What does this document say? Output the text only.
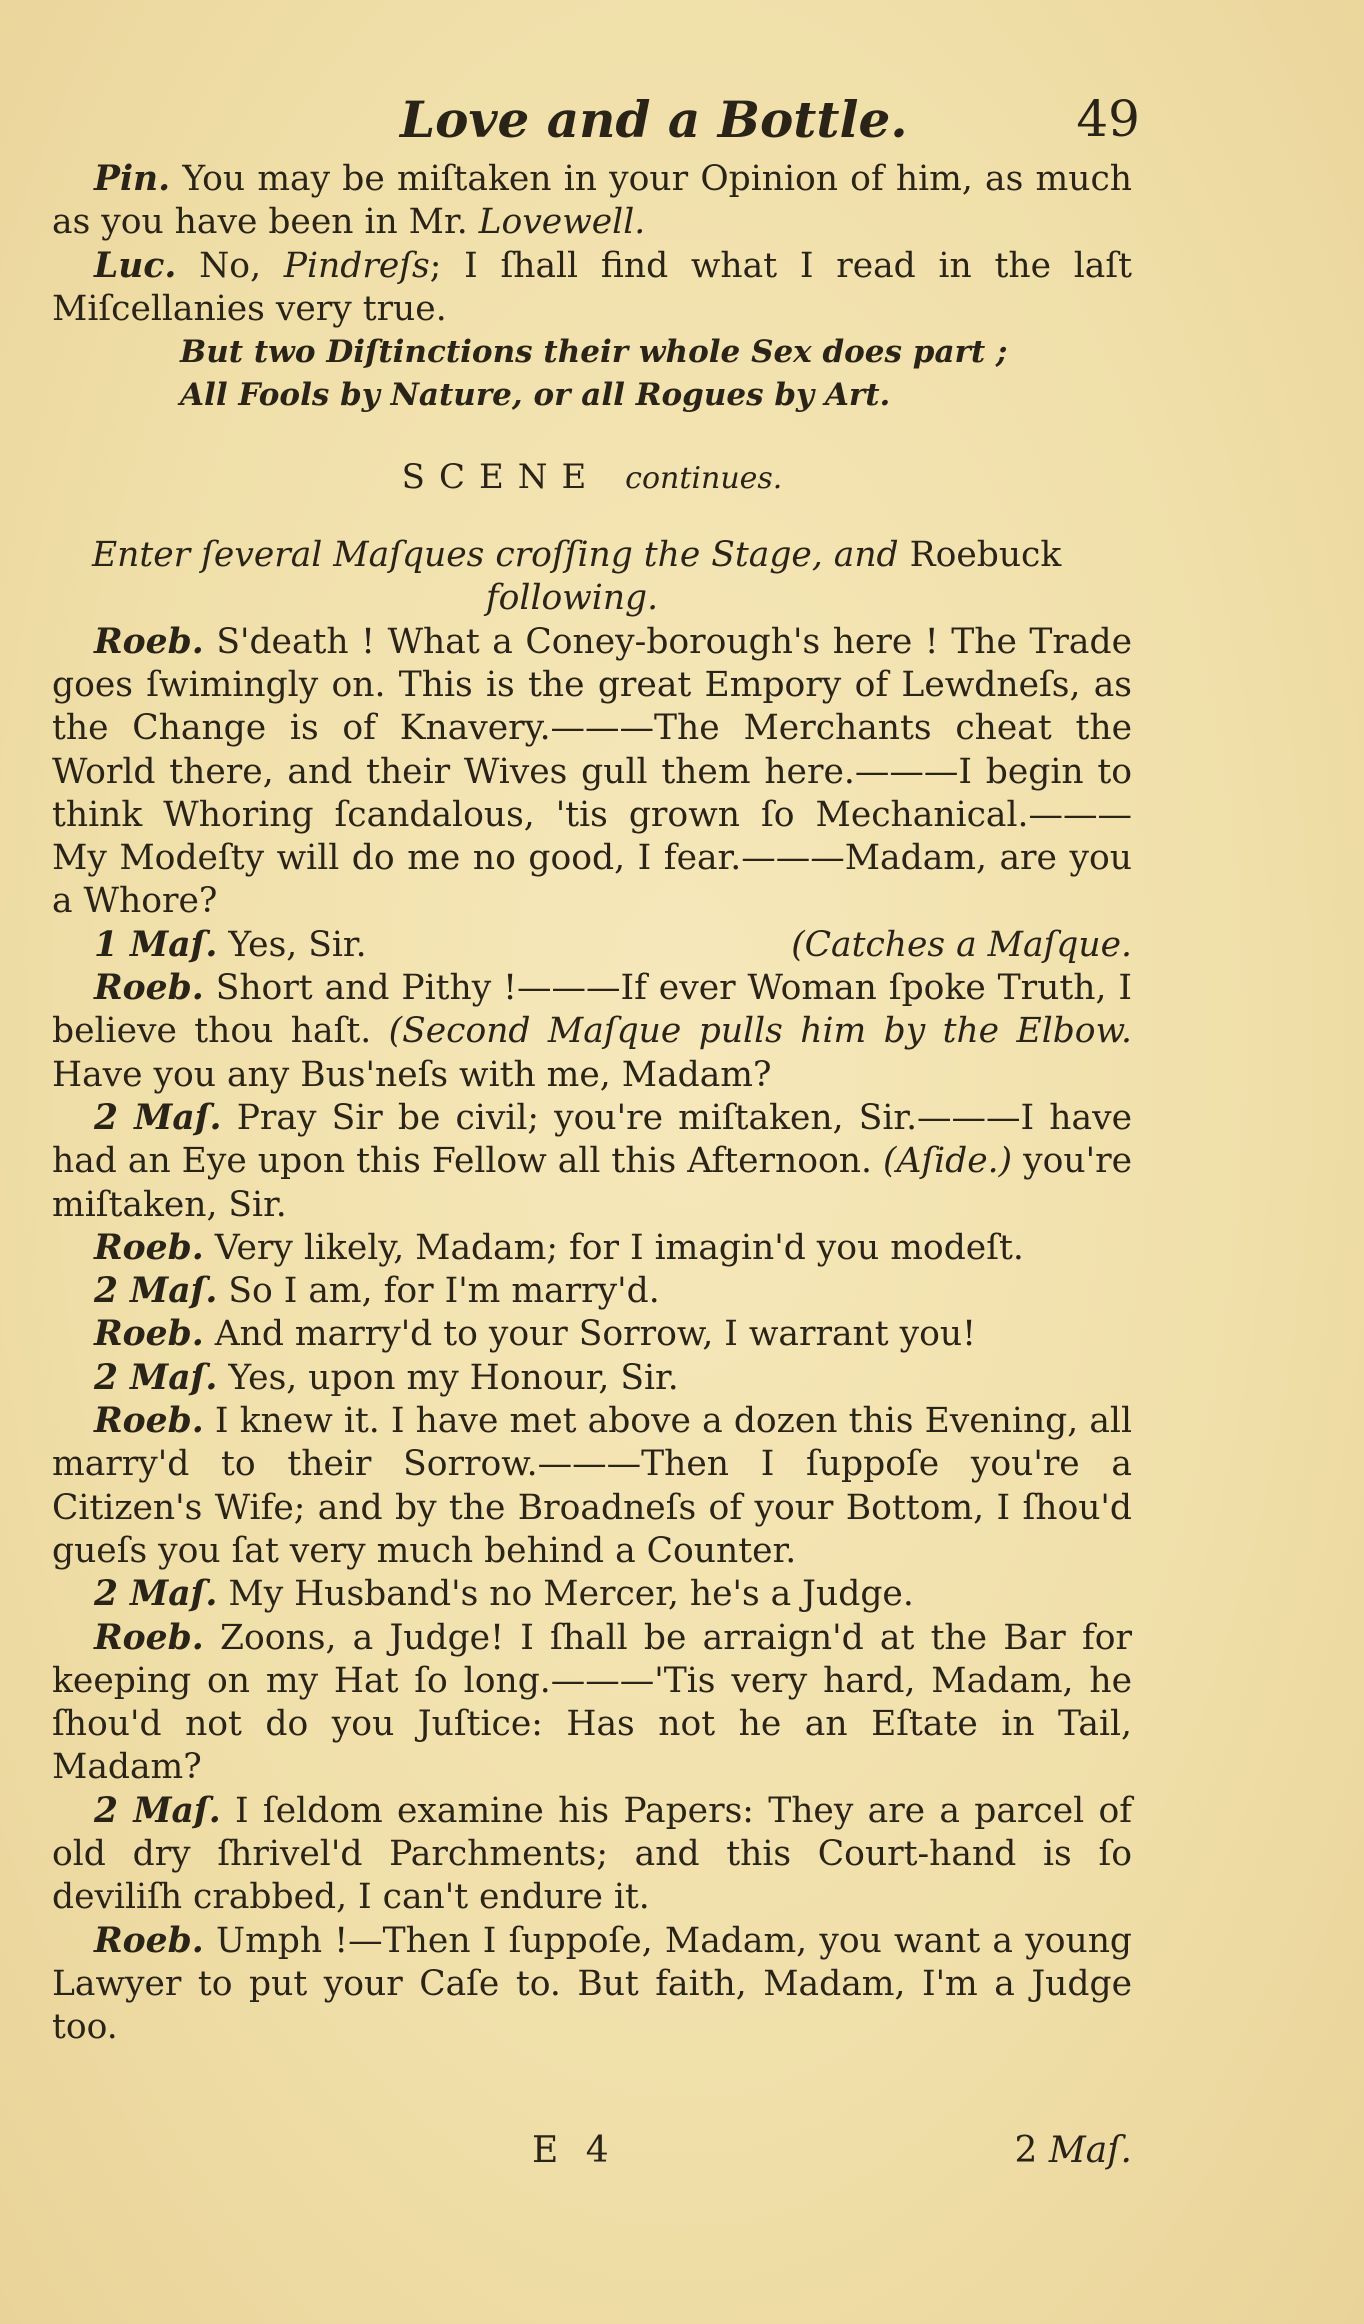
Love and a Bottle.	49

Pin. You may be miſtaken in your Opinion of him, as much as you have been in Mr. Lovewell.

Luc. No, Pindreſs; I ſhall find what I read in the laſt Miſcellanies very true.

But two Diſtinctions their whole Sex does part ;

All Fools by Nature, or all Rogues by Art.

SCENE continues.

Enter ſeveral Maſques croſſing the Stage, and Roebuck
following.

Roeb. S'death ! What a Coney-borough's here ! The Trade goes ſwimingly on. This is the great Empory of Lewdneſs, as the Change is of Knavery.———The Merchants cheat the World there, and their Wives gull them here.———I begin to think Whoring ſcandalous, 'tis grown ſo Mechanical.——— My Modeſty will do me no good, I fear.———Madam, are you a Whore?

1 Maſ. Yes, Sir.	(Catches a Maſque.

Roeb. Short and Pithy !———If ever Woman ſpoke Truth, I believe thou haſt. (Second Maſque pulls him by the Elbow. Have you any Bus'neſs with me, Madam?

2 Maſ. Pray Sir be civil; you're miſtaken, Sir.———I have had an Eye upon this Fellow all this Afternoon. (Aſide.) you're miſtaken, Sir.

Roeb. Very likely, Madam; for I imagin'd you modeſt.

2 Maſ. So I am, for I'm marry'd.

Roeb. And marry'd to your Sorrow, I warrant you!

2 Maſ. Yes, upon my Honour, Sir.

Roeb. I knew it. I have met above a dozen this Evening, all marry'd to their Sorrow.———Then I ſuppoſe you're a Citizen's Wife; and by the Broadneſs of your Bottom, I ſhou'd gueſs you ſat very much behind a Counter.

2 Maſ. My Husband's no Mercer, he's a Judge.

Roeb. Zoons, a Judge! I ſhall be arraign'd at the Bar for keeping on my Hat ſo long.———'Tis very hard, Madam, he ſhou'd not do you Juſtice: Has not he an Eſtate in Tail, Madam?

2 Maſ. I ſeldom examine his Papers: They are a parcel of old dry ſhrivel'd Parchments; and this Court-hand is ſo deviliſh crabbed, I can't endure it.

Roeb. Umph !—Then I ſuppoſe, Madam, you want a young Lawyer to put your Caſe to. But faith, Madam, I'm a Judge too.

E 4	2 Maſ.
